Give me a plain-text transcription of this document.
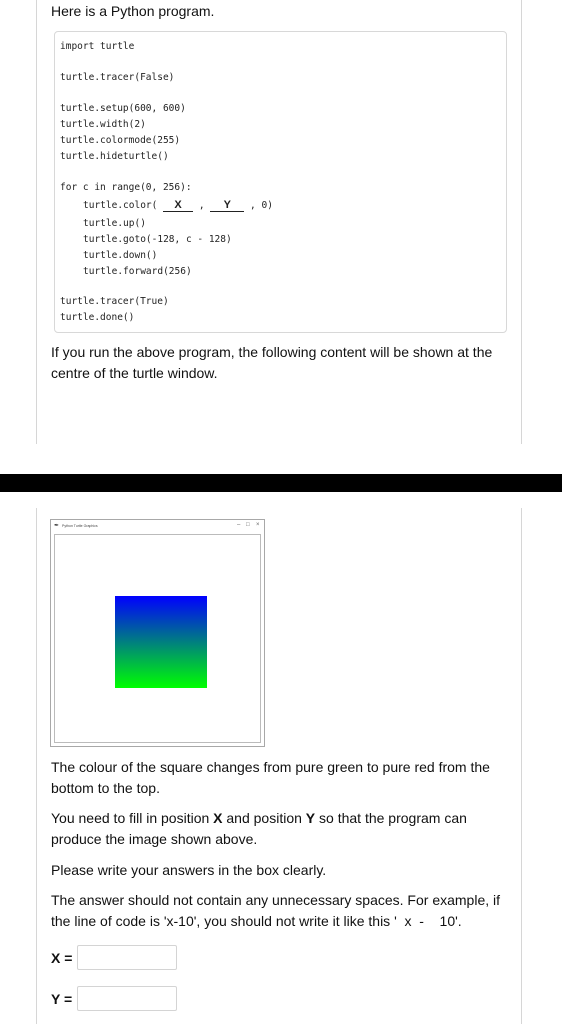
Here is a Python program.
import turtle
turtle.tracer(False)
turtle.setup(600, 600)
turtle.width(2)
turtle.colormode(255)
turtle.hideturtle()
for c in range(0, 256):
turtle.color( X , Y , 0)
turtle.up()
turtle.goto(-128, c - 128)
turtle.down()
turtle.forward(256)
turtle.tracer(True)
turtle.done()
If you run the above program, the following content will be shown at the centre of the turtle window.
The colour of the square changes from pure green to pure red from the bottom to the top.
You need to fill in position X and position Y so that the program can produce the image shown above.
Please write your answers in the box clearly.
The answer should not contain any unnecessary spaces. For example, if the line of code is 'x-10', you should not write it like this '  x  -    10'.
X =
Y =
✒ Python Turtle Graphics	– □ ×
